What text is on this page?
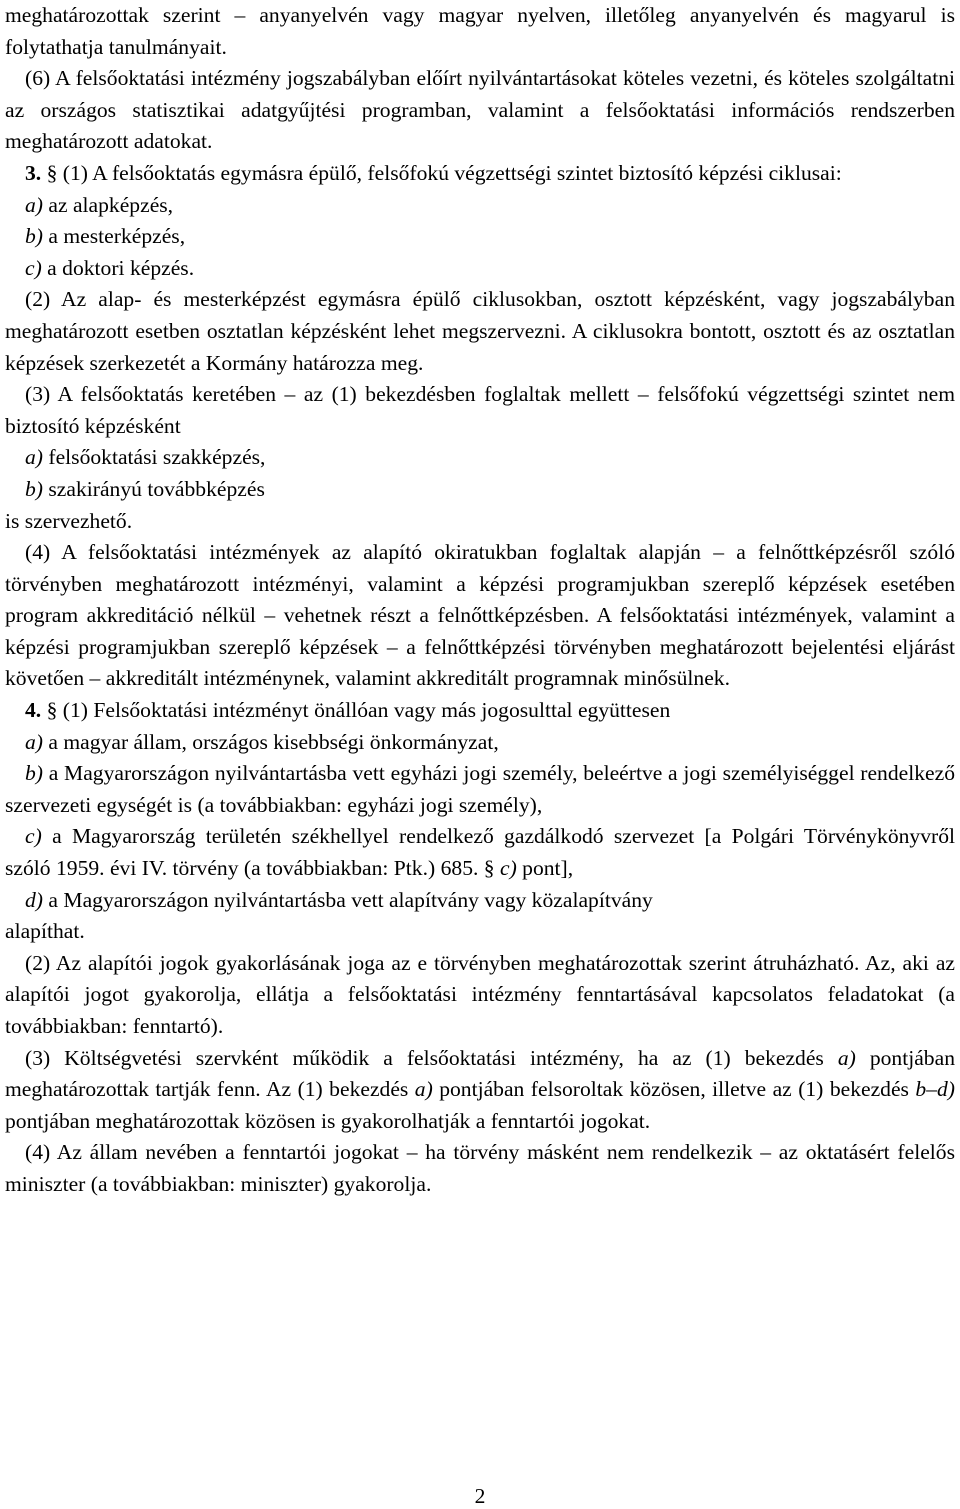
meghatározottak szerint – anyanyelvén vagy magyar nyelven, illetőleg anyanyelvén és magyarul is folytathatja tanulmányait.

(6) A felsőoktatási intézmény jogszabályban előírt nyilvántartásokat köteles vezetni, és köteles szolgáltatni az országos statisztikai adatgyűjtési programban, valamint a felsőoktatási információs rendszerben meghatározott adatokat.

3. § (1) A felsőoktatás egymásra épülő, felsőfokú végzettségi szintet biztosító képzési ciklusai:

a) az alapképzés,

b) a mesterképzés,

c) a doktori képzés.

(2) Az alap- és mesterképzést egymásra épülő ciklusokban, osztott képzésként, vagy jogszabályban meghatározott esetben osztatlan képzésként lehet megszervezni. A ciklusokra bontott, osztott és az osztatlan képzések szerkezetét a Kormány határozza meg.

(3) A felsőoktatás keretében – az (1) bekezdésben foglaltak mellett – felsőfokú végzettségi szintet nem biztosító képzésként

a) felsőoktatási szakképzés,

b) szakirányú továbbképzés

is szervezhető.

(4) A felsőoktatási intézmények az alapító okiratukban foglaltak alapján – a felnőttképzésről szóló törvényben meghatározott intézményi, valamint a képzési programjukban szereplő képzések esetében program akkreditáció nélkül – vehetnek részt a felnőttképzésben. A felsőoktatási intézmények, valamint a képzési programjukban szereplő képzések – a felnőttképzési törvényben meghatározott bejelentési eljárást követően – akkreditált intézménynek, valamint akkreditált programnak minősülnek.

4. § (1) Felsőoktatási intézményt önállóan vagy más jogosulttal együttesen

a) a magyar állam, országos kisebbségi önkormányzat,

b) a Magyarországon nyilvántartásba vett egyházi jogi személy, beleértve a jogi személyiséggel rendelkező szervezeti egységét is (a továbbiakban: egyházi jogi személy),

c) a Magyarország területén székhellyel rendelkező gazdálkodó szervezet [a Polgári Törvénykönyvről szóló 1959. évi IV. törvény (a továbbiakban: Ptk.) 685. § c) pont],

d) a Magyarországon nyilvántartásba vett alapítvány vagy közalapítvány

alapíthat.

(2) Az alapítói jogok gyakorlásának joga az e törvényben meghatározottak szerint átruházható. Az, aki az alapítói jogot gyakorolja, ellátja a felsőoktatási intézmény fenntartásával kapcsolatos feladatokat (a továbbiakban: fenntartó).

(3) Költségvetési szervként működik a felsőoktatási intézmény, ha az (1) bekezdés a) pontjában meghatározottak tartják fenn. Az (1) bekezdés a) pontjában felsoroltak közösen, illetve az (1) bekezdés b–d) pontjában meghatározottak közösen is gyakorolhatják a fenntartói jogokat.

(4) Az állam nevében a fenntartói jogokat – ha törvény másként nem rendelkezik – az oktatásért felelős miniszter (a továbbiakban: miniszter) gyakorolja.

2
